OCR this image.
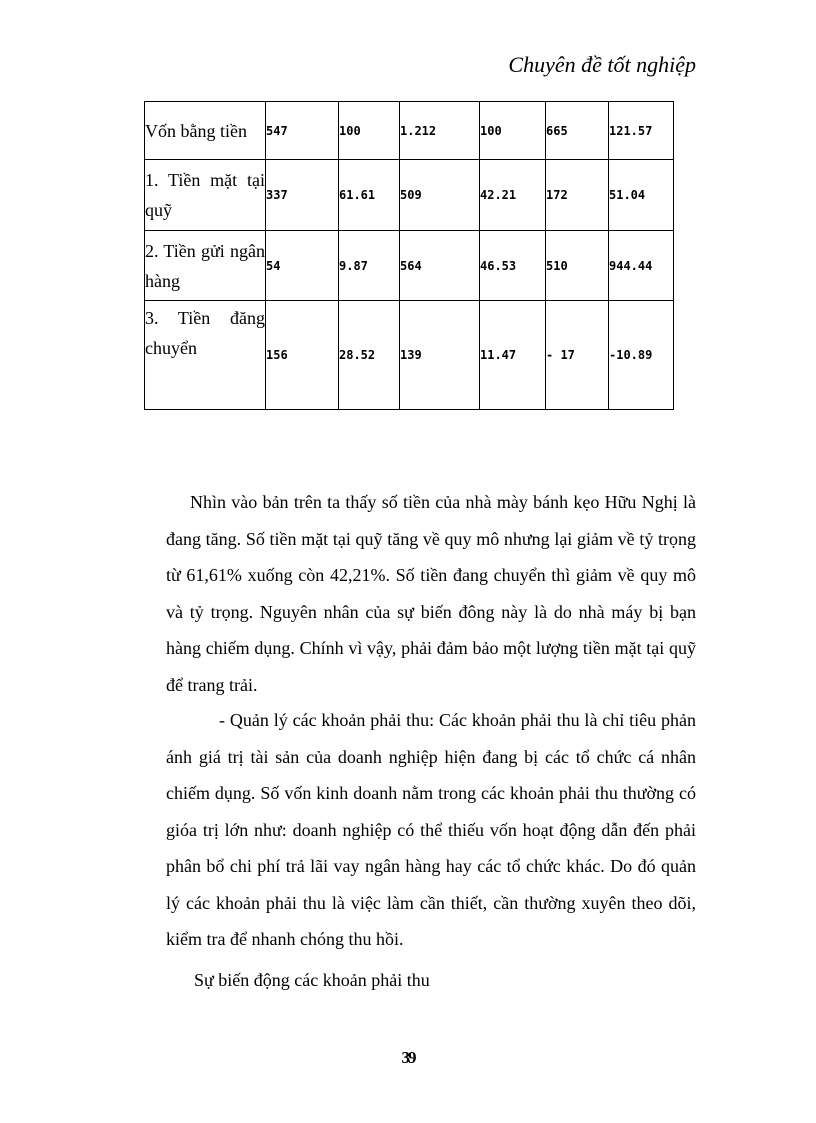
Chuyên đề tốt nghiệp
Vốn bằng tiền	547	100	1.212	100	665	121.57
1. Tiền mặt tại quỹ	337	61.61	509	42.21	172	51.04
2. Tiền gửi ngân hàng	54	9.87	564	46.53	510	944.44
3. Tiền đăng chuyển	156	28.52	139	11.47	- 17	-10.89

Nhìn vào bản trên ta thấy số tiền của nhà mày bánh kẹo Hữu Nghị là đang tăng. Số tiền mặt tại quỹ tăng về quy mô nhưng lại giảm về tỷ trọng từ 61,61% xuống còn 42,21%. Số tiền đang chuyển thì giảm về quy mô và tỷ trọng. Nguyên nhân của sự biến đông này là do nhà máy bị bạn hàng chiếm dụng. Chính vì vậy, phải đảm bảo một lượng tiền mặt tại quỹ để trang trải.

- Quản lý các khoản phải thu: Các khoản phải thu là chỉ tiêu phản ánh giá trị tài sản của doanh nghiệp hiện đang bị các tổ chức cá nhân chiếm dụng. Số vốn kinh doanh nằm trong các khoản phải thu thường có gióa trị lớn như: doanh nghiệp có thể thiếu vốn hoạt động dẫn đến phải phân bổ chi phí trả lãi vay ngân hàng hay các tổ chức khác. Do đó quản lý các khoản phải thu là việc làm cần thiết, cần thường xuyên theo dõi, kiểm tra để nhanh chóng thu hồi.

Sự biến động các khoản phải thu

39
